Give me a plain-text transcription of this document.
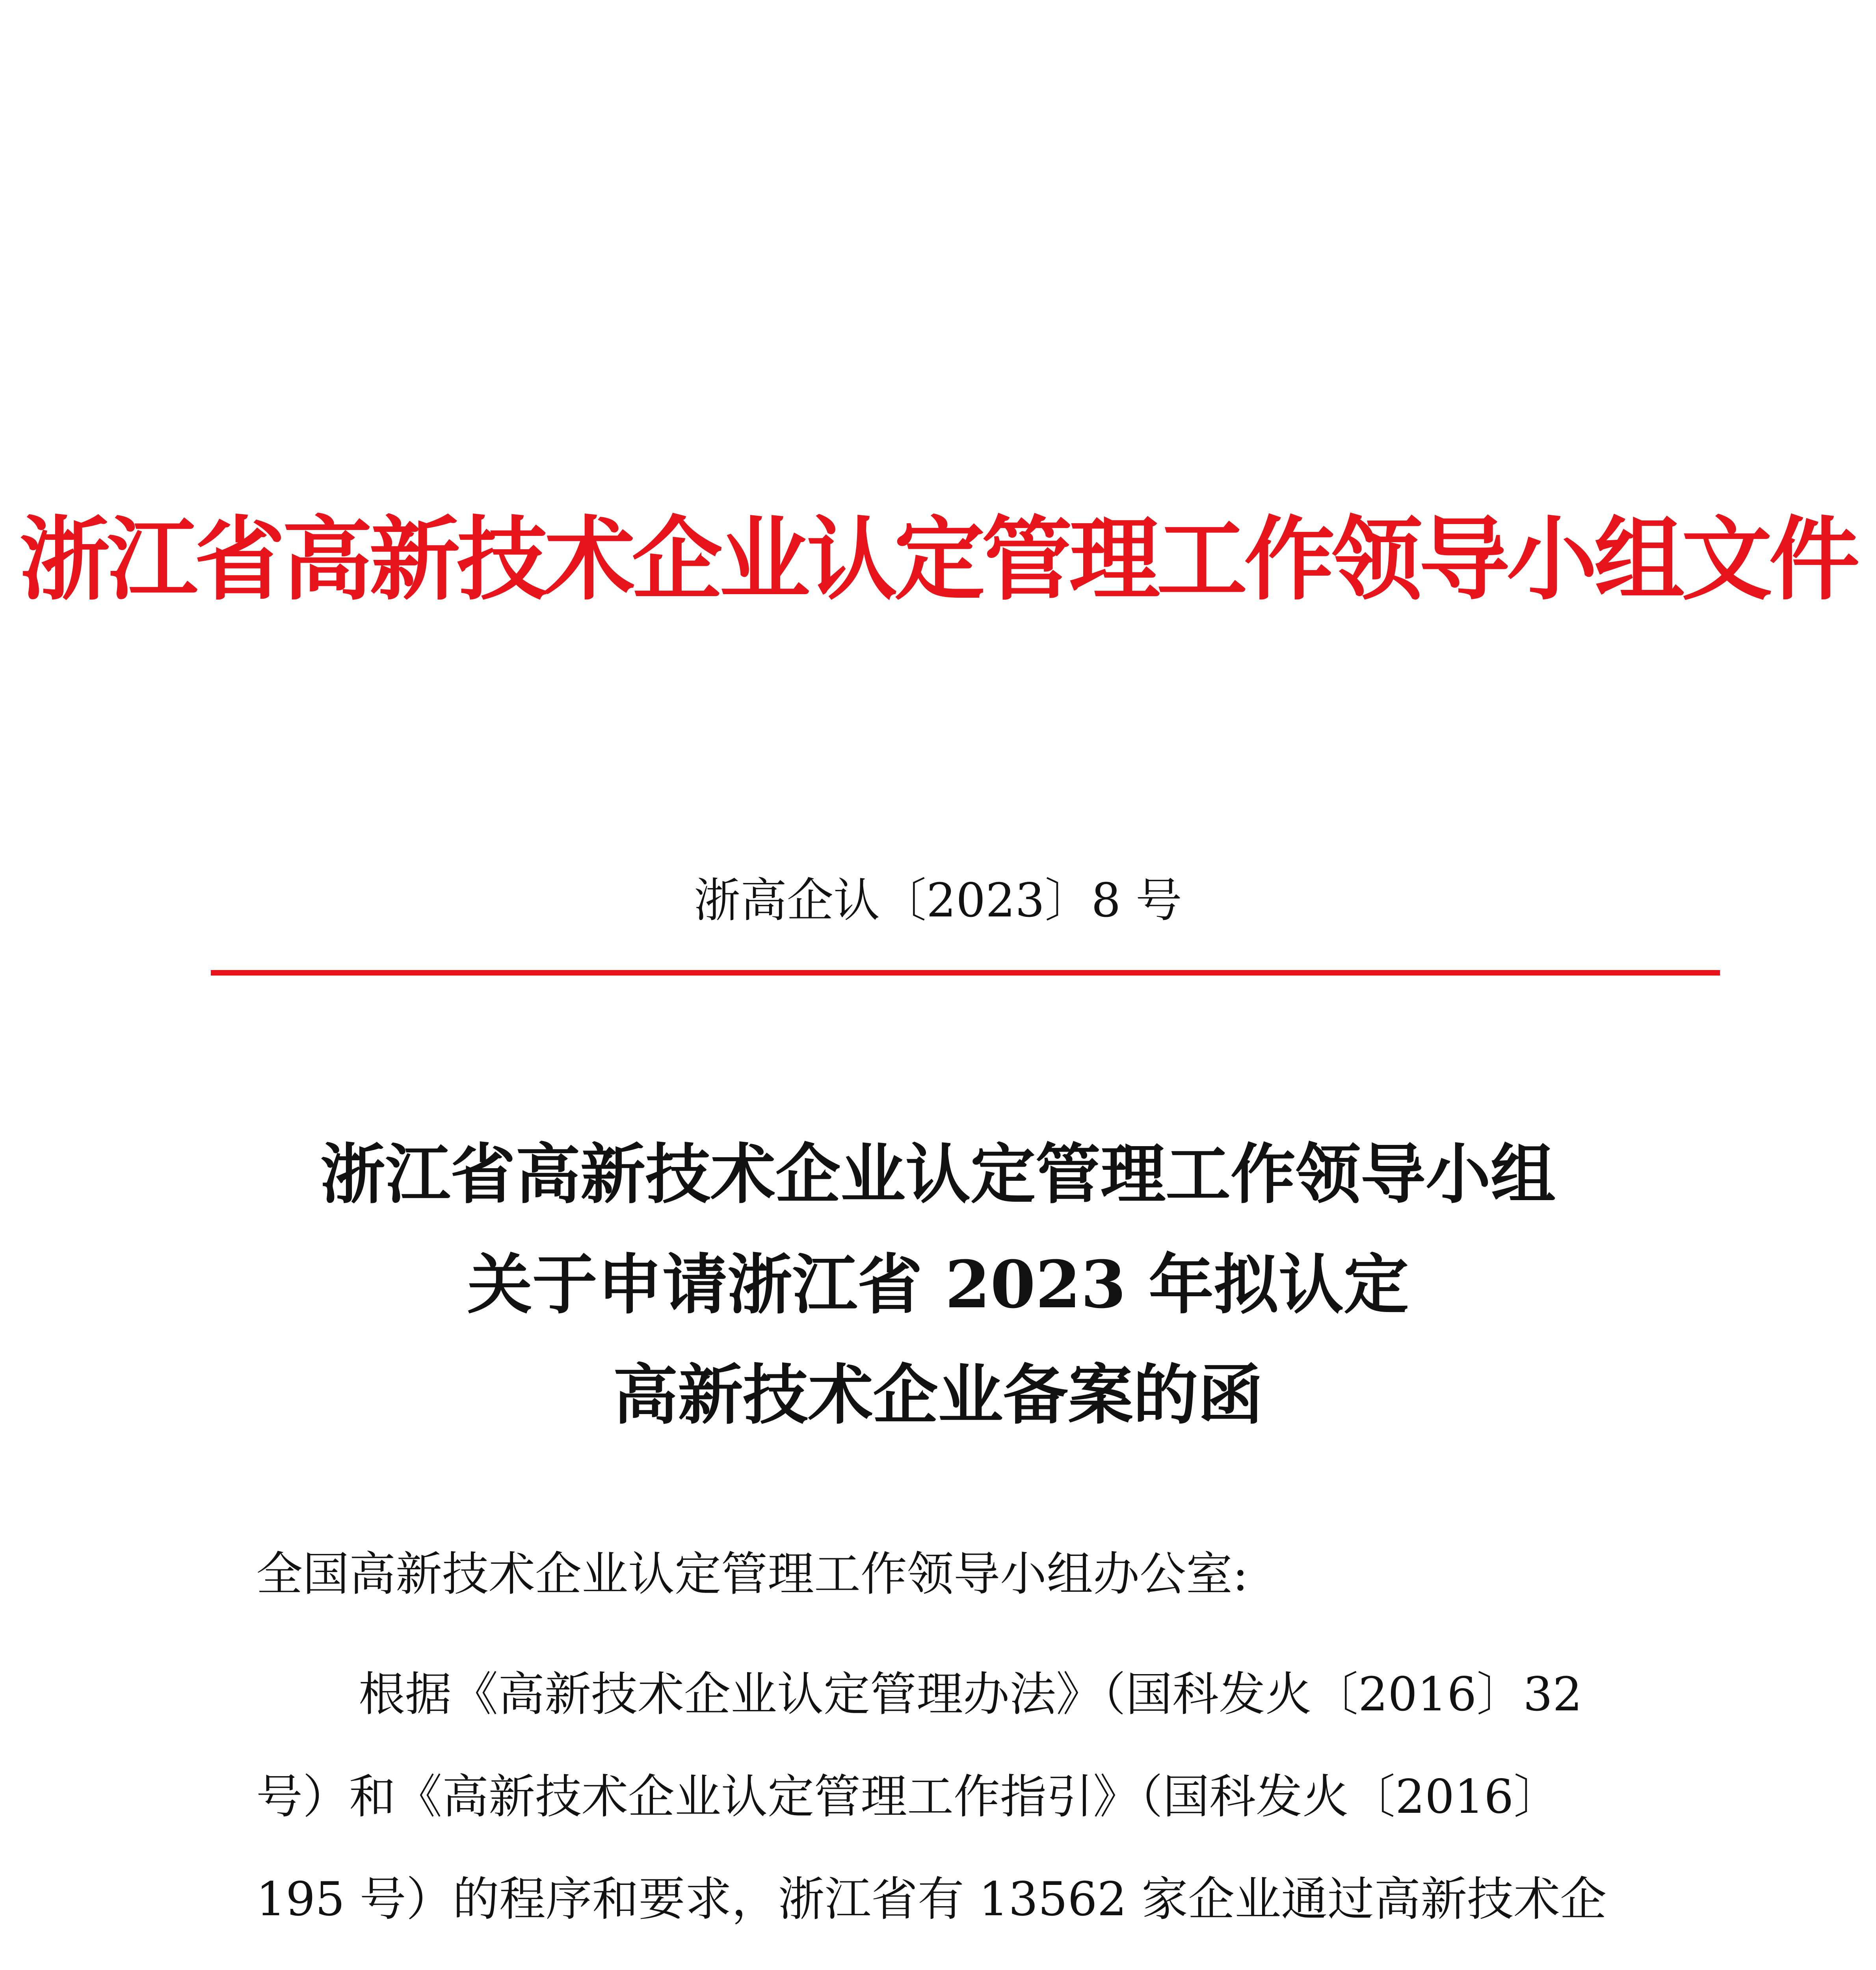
浙江省高新技术企业认定管理工作领导小组文件
浙高企认〔2023〕8 号
浙江省高新技术企业认定管理工作领导小组
关于申请浙江省 2023 年拟认定
高新技术企业备案的函
全国高新技术企业认定管理工作领导小组办公室:
根据《高新技术企业认定管理办法》（国科发火〔2016〕32 号）和《高新技术企业认定管理工作指引》（国科发火〔2016〕195 号）的程序和要求，浙江省有 13562 家企业通过高新技术企
